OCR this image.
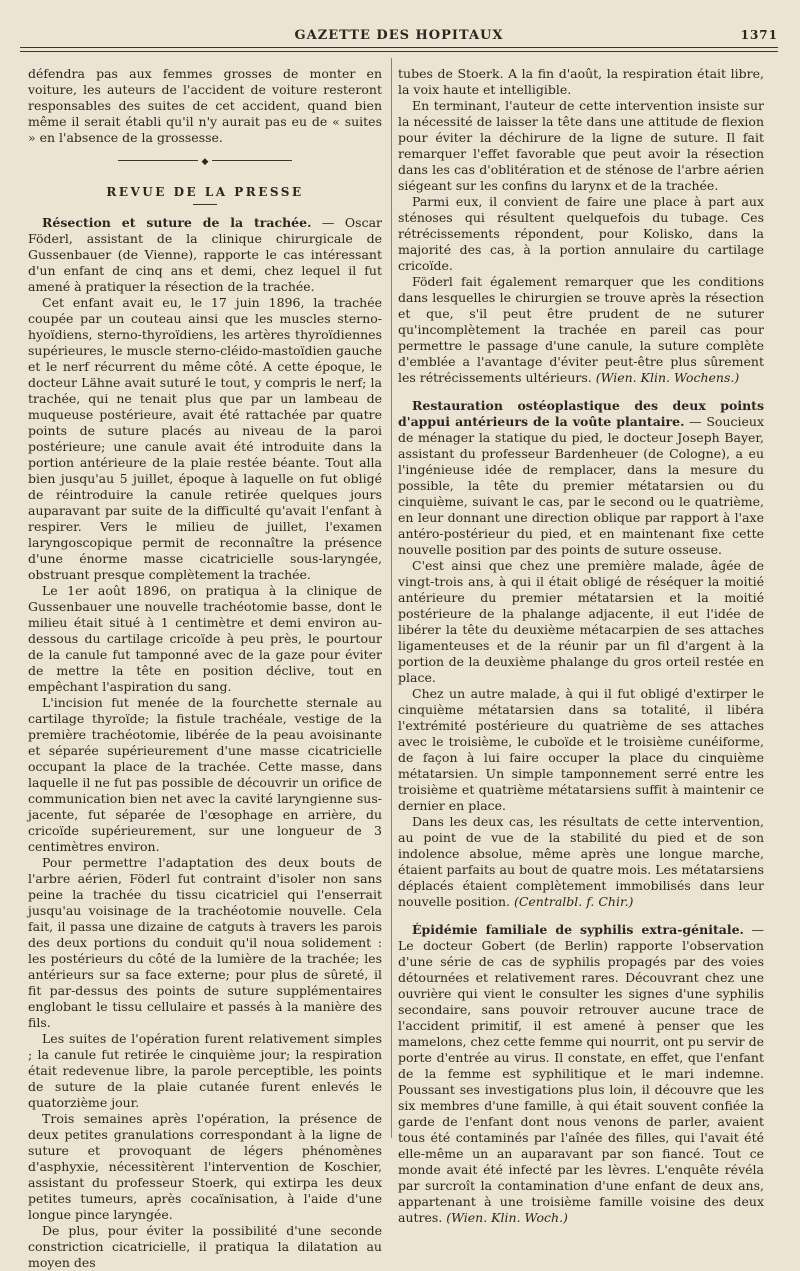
GAZETTE DES HOPITAUX	1371

défendra pas aux femmes grosses de monter en voiture, les auteurs de l'accident de voiture resteront responsables des suites de cet accident, quand bien même il serait établi qu'il n'y aurait pas eu de « suites » en l'absence de la grossesse.

◆
REVUE DE LA PRESSE

Résection et suture de la trachée. — Oscar Föderl, assistant de la clinique chirurgicale de Gussenbauer (de Vienne), rapporte le cas intéressant d'un enfant de cinq ans et demi, chez lequel il fut amené à pratiquer la résection de la trachée.

Cet enfant avait eu, le 17 juin 1896, la trachée coupée par un couteau ainsi que les muscles sterno-hyoïdiens, sterno-thyroïdiens, les artères thyroïdiennes supérieures, le muscle sterno-cléido-mastoïdien gauche et le nerf récurrent du même côté. A cette époque, le docteur Lähne avait suturé le tout, y compris le nerf; la trachée, qui ne tenait plus que par un lambeau de muqueuse postérieure, avait été rattachée par quatre points de suture placés au niveau de la paroi postérieure; une canule avait été introduite dans la portion antérieure de la plaie restée béante. Tout alla bien jusqu'au 5 juillet, époque à laquelle on fut obligé de réintroduire la canule retirée quelques jours auparavant par suite de la difficulté qu'avait l'enfant à respirer. Vers le milieu de juillet, l'examen laryngoscopique permit de reconnaître la présence d'une énorme masse cicatricielle sous-laryngée, obstruant presque complètement la trachée.

Le 1er août 1896, on pratiqua à la clinique de Gussenbauer une nouvelle trachéotomie basse, dont le milieu était situé à 1 centimètre et demi environ au-dessous du cartilage cricoïde à peu près, le pourtour de la canule fut tamponné avec de la gaze pour éviter de mettre la tête en position déclive, tout en empêchant l'aspiration du sang.

L'incision fut menée de la fourchette sternale au cartilage thyroïde; la fistule trachéale, vestige de la première trachéotomie, libérée de la peau avoisinante et séparée supérieurement d'une masse cicatricielle occupant la place de la trachée. Cette masse, dans laquelle il ne fut pas possible de découvrir un orifice de communication bien net avec la cavité laryngienne sus-jacente, fut séparée de l'œsophage en arrière, du cricoïde supérieurement, sur une longueur de 3 centimètres environ.

Pour permettre l'adaptation des deux bouts de l'arbre aérien, Föderl fut contraint d'isoler non sans peine la trachée du tissu cicatriciel qui l'enserrait jusqu'au voisinage de la trachéotomie nouvelle. Cela fait, il passa une dizaine de catguts à travers les parois des deux portions du conduit qu'il noua solidement : les postérieurs du côté de la lumière de la trachée; les antérieurs sur sa face externe; pour plus de sûreté, il fit par-dessus des points de suture supplémentaires englobant le tissu cellulaire et passés à la manière des fils.

Les suites de l'opération furent relativement simples ; la canule fut retirée le cinquième jour; la respiration était redevenue libre, la parole perceptible, les points de suture de la plaie cutanée furent enlevés le quatorzième jour.

Trois semaines après l'opération, la présence de deux petites granulations correspondant à la ligne de suture et provoquant de légers phénomènes d'asphyxie, nécessitèrent l'intervention de Koschier, assistant du professeur Stoerk, qui extirpa les deux petites tumeurs, après cocaïnisation, à l'aide d'une longue pince laryngée.

De plus, pour éviter la possibilité d'une seconde constriction cicatricielle, il pratiqua la dilatation au moyen des

tubes de Stoerk. A la fin d'août, la respiration était libre, la voix haute et intelligible.

En terminant, l'auteur de cette intervention insiste sur la nécessité de laisser la tête dans une attitude de flexion pour éviter la déchirure de la ligne de suture. Il fait remarquer l'effet favorable que peut avoir la résection dans les cas d'oblitération et de sténose de l'arbre aérien siégeant sur les confins du larynx et de la trachée.

Parmi eux, il convient de faire une place à part aux sténoses qui résultent quelquefois du tubage. Ces rétrécissements répondent, pour Kolisko, dans la majorité des cas, à la portion annulaire du cartilage cricoïde.

Föderl fait également remarquer que les conditions dans lesquelles le chirurgien se trouve après la résection et que, s'il peut être prudent de ne suturer qu'incomplètement la trachée en pareil cas pour permettre le passage d'une canule, la suture complète d'emblée a l'avantage d'éviter peut-être plus sûrement les rétrécissements ultérieurs. (Wien. Klin. Wochens.)

Restauration ostéoplastique des deux points d'appui antérieurs de la voûte plantaire. — Soucieux de ménager la statique du pied, le docteur Joseph Bayer, assistant du professeur Bardenheuer (de Cologne), a eu l'ingénieuse idée de remplacer, dans la mesure du possible, la tête du premier métatarsien ou du cinquième, suivant le cas, par le second ou le quatrième, en leur donnant une direction oblique par rapport à l'axe antéro-postérieur du pied, et en maintenant fixe cette nouvelle position par des points de suture osseuse.

C'est ainsi que chez une première malade, âgée de vingt-trois ans, à qui il était obligé de réséquer la moitié antérieure du premier métatarsien et la moitié postérieure de la phalange adjacente, il eut l'idée de libérer la tête du deuxième métacarpien de ses attaches ligamenteuses et de la réunir par un fil d'argent à la portion de la deuxième phalange du gros orteil restée en place.

Chez un autre malade, à qui il fut obligé d'extirper le cinquième métatarsien dans sa totalité, il libéra l'extrémité postérieure du quatrième de ses attaches avec le troisième, le cuboïde et le troisième cunéiforme, de façon à lui faire occuper la place du cinquième métatarsien. Un simple tamponnement serré entre les troisième et quatrième métatarsiens suffit à maintenir ce dernier en place.

Dans les deux cas, les résultats de cette intervention, au point de vue de la stabilité du pied et de son indolence absolue, même après une longue marche, étaient parfaits au bout de quatre mois. Les métatarsiens déplacés étaient complètement immobilisés dans leur nouvelle position. (Centralbl. f. Chir.)

Épidémie familiale de syphilis extra-génitale. — Le docteur Gobert (de Berlin) rapporte l'observation d'une série de cas de syphilis propagés par des voies détournées et relativement rares. Découvrant chez une ouvrière qui vient le consulter les signes d'une syphilis secondaire, sans pouvoir retrouver aucune trace de l'accident primitif, il est amené à penser que les mamelons, chez cette femme qui nourrit, ont pu servir de porte d'entrée au virus. Il constate, en effet, que l'enfant de la femme est syphilitique et le mari indemne. Poussant ses investigations plus loin, il découvre que les six membres d'une famille, à qui était souvent confiée la garde de l'enfant dont nous venons de parler, avaient tous été contaminés par l'aînée des filles, qui l'avait été elle-même un an auparavant par son fiancé. Tout ce monde avait été infecté par les lèvres. L'enquête révéla par surcroît la contamination d'une enfant de deux ans, appartenant à une troisième famille voisine des deux autres. (Wien. Klin. Woch.)
